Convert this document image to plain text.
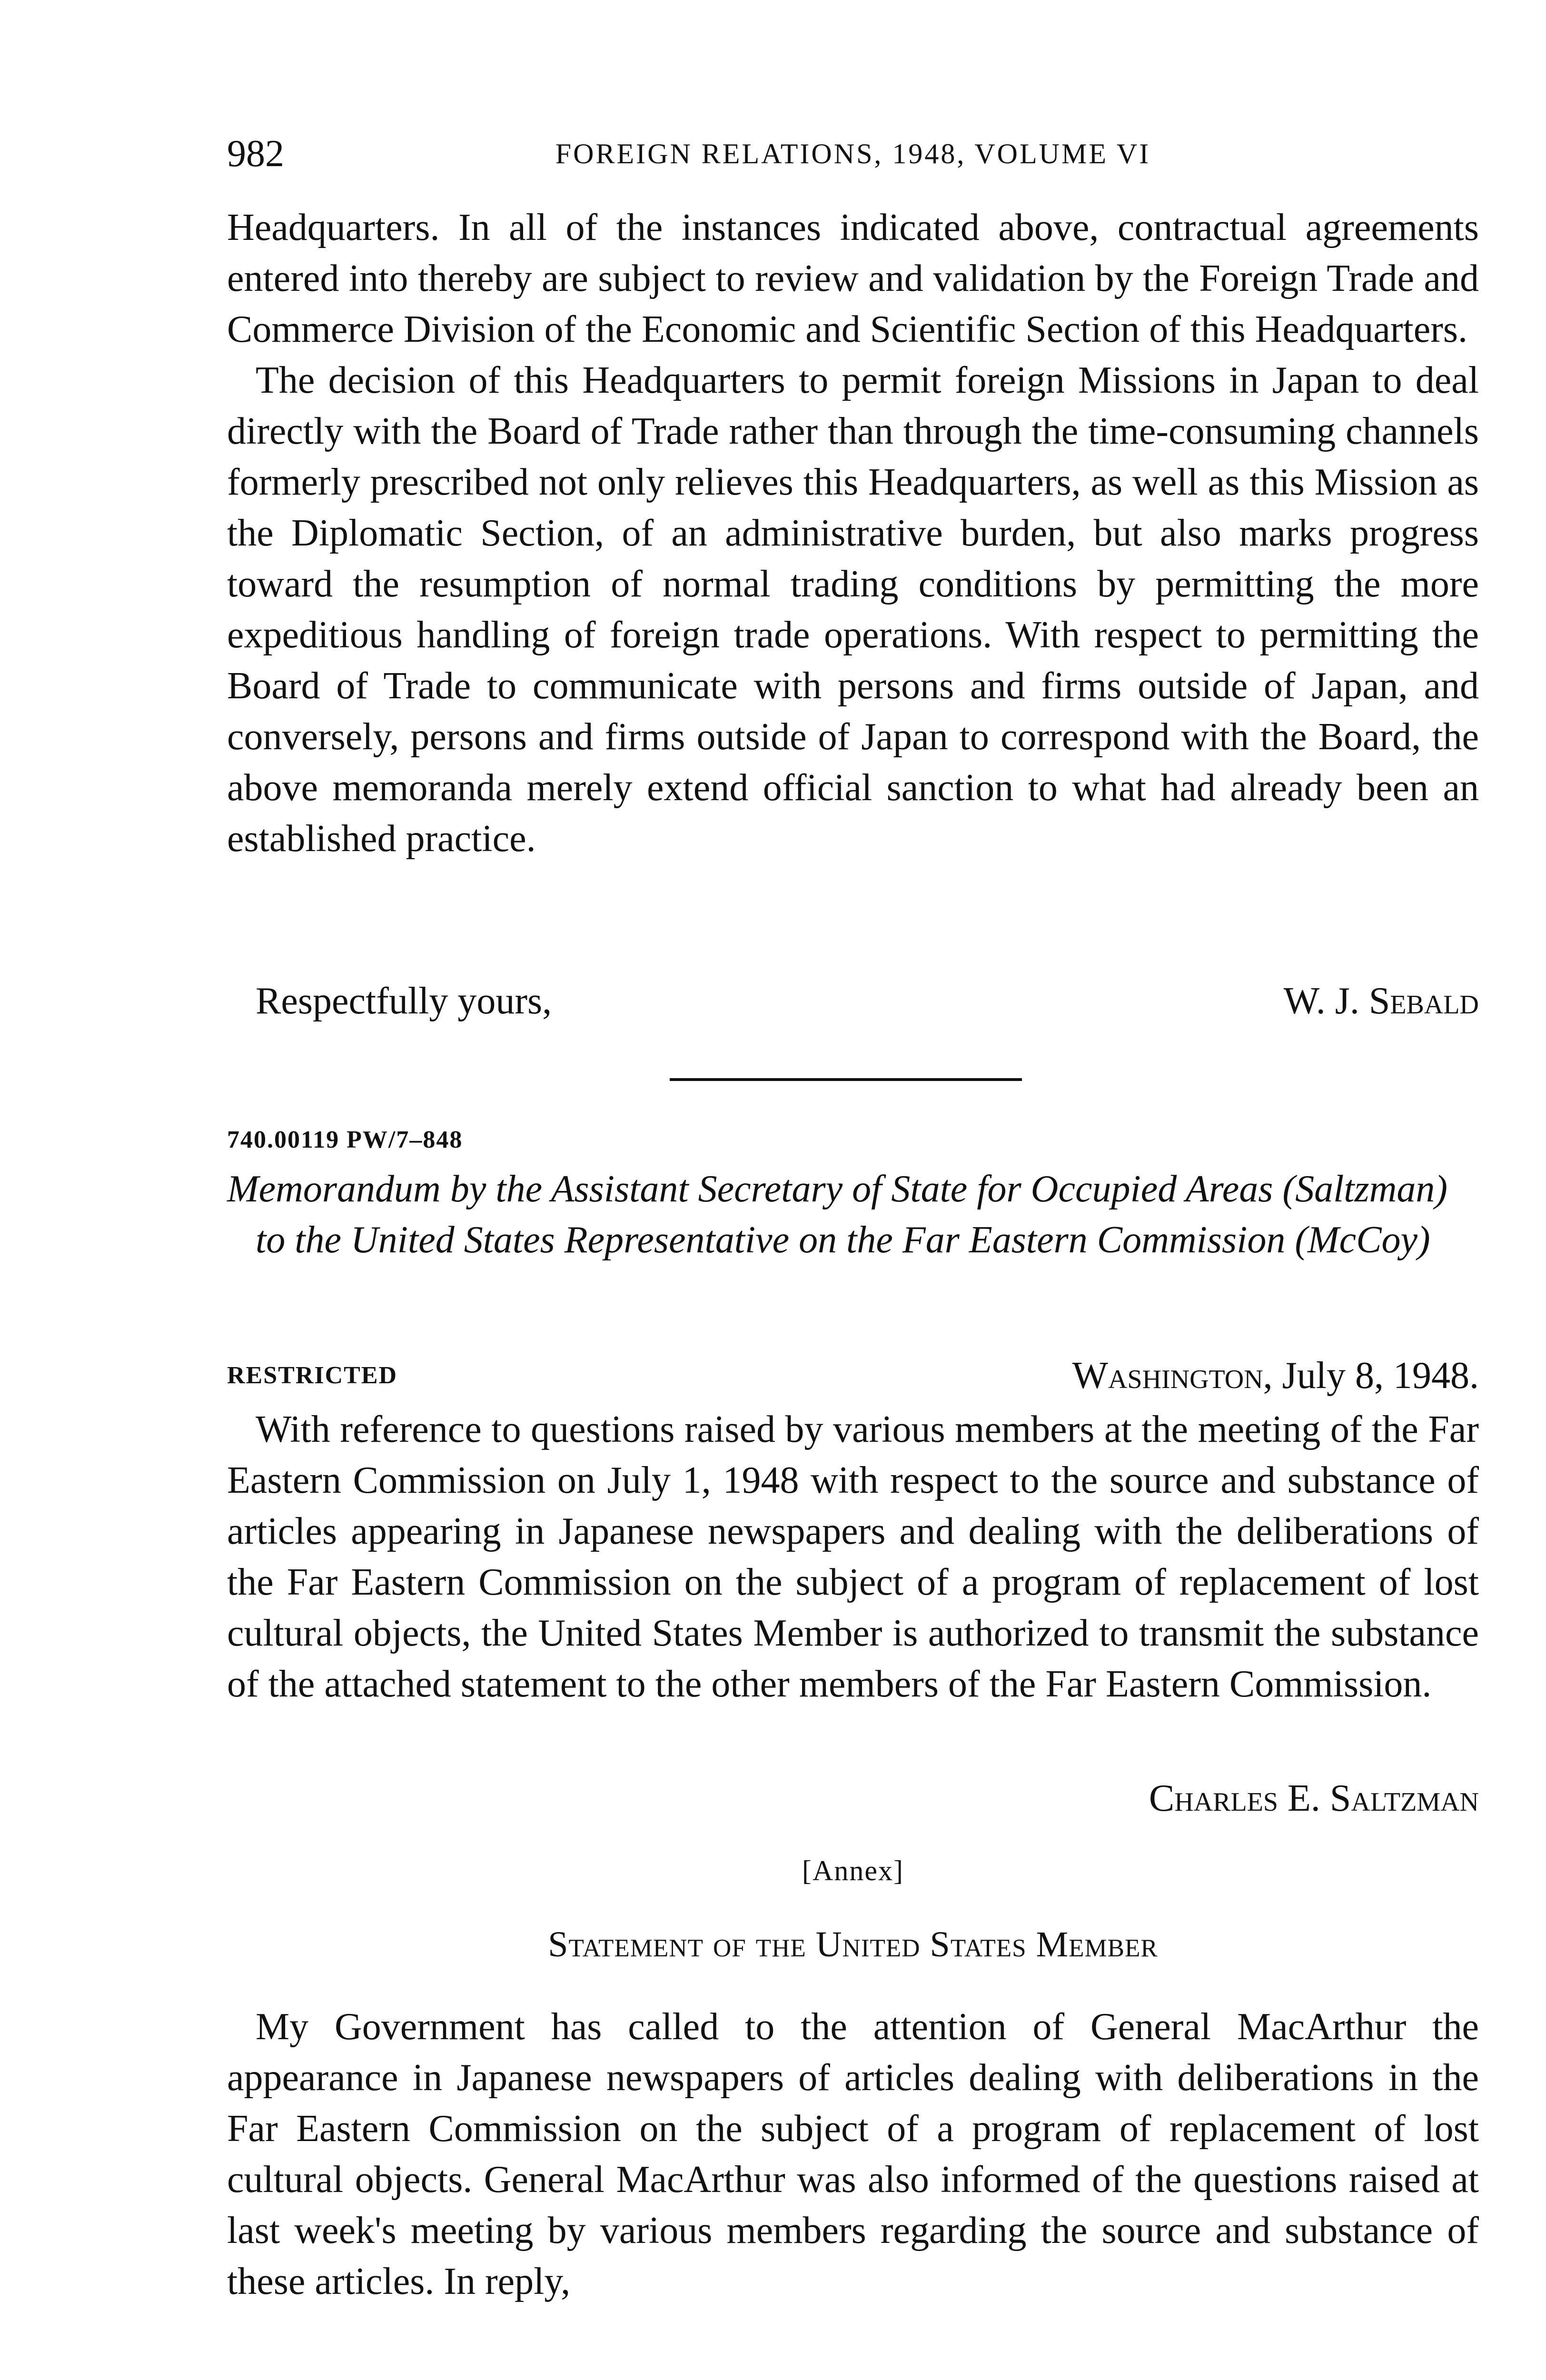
982	FOREIGN RELATIONS, 1948, VOLUME VI

Headquarters. In all of the instances indicated above, contractual agreements entered into thereby are subject to review and validation by the Foreign Trade and Commerce Division of the Economic and Scientific Section of this Headquarters.

The decision of this Headquarters to permit foreign Missions in Japan to deal directly with the Board of Trade rather than through the time-consuming channels formerly prescribed not only relieves this Headquarters, as well as this Mission as the Diplomatic Section, of an administrative burden, but also marks progress toward the resumption of normal trading conditions by permitting the more expeditious handling of foreign trade operations. With respect to permitting the Board of Trade to communicate with persons and firms outside of Japan, and conversely, persons and firms outside of Japan to correspond with the Board, the above memoranda merely extend official sanction to what had already been an established practice.

Respectfully yours,	W. J. Sebald
740.00119 PW/7–848
Memorandum by the Assistant Secretary of State for Occupied Areas (Saltzman) to the United States Representative on the Far Eastern Commission (McCoy)
RESTRICTED	Washington, July 8, 1948.

With reference to questions raised by various members at the meeting of the Far Eastern Commission on July 1, 1948 with respect to the source and substance of articles appearing in Japanese newspapers and dealing with the deliberations of the Far Eastern Commission on the subject of a program of replacement of lost cultural objects, the United States Member is authorized to transmit the substance of the attached statement to the other members of the Far Eastern Commission.

Charles E. Saltzman
[Annex]
Statement of the United States Member

My Government has called to the attention of General MacArthur the appearance in Japanese newspapers of articles dealing with deliberations in the Far Eastern Commission on the subject of a program of replacement of lost cultural objects. General MacArthur was also informed of the questions raised at last week's meeting by various members regarding the source and substance of these articles. In reply,
